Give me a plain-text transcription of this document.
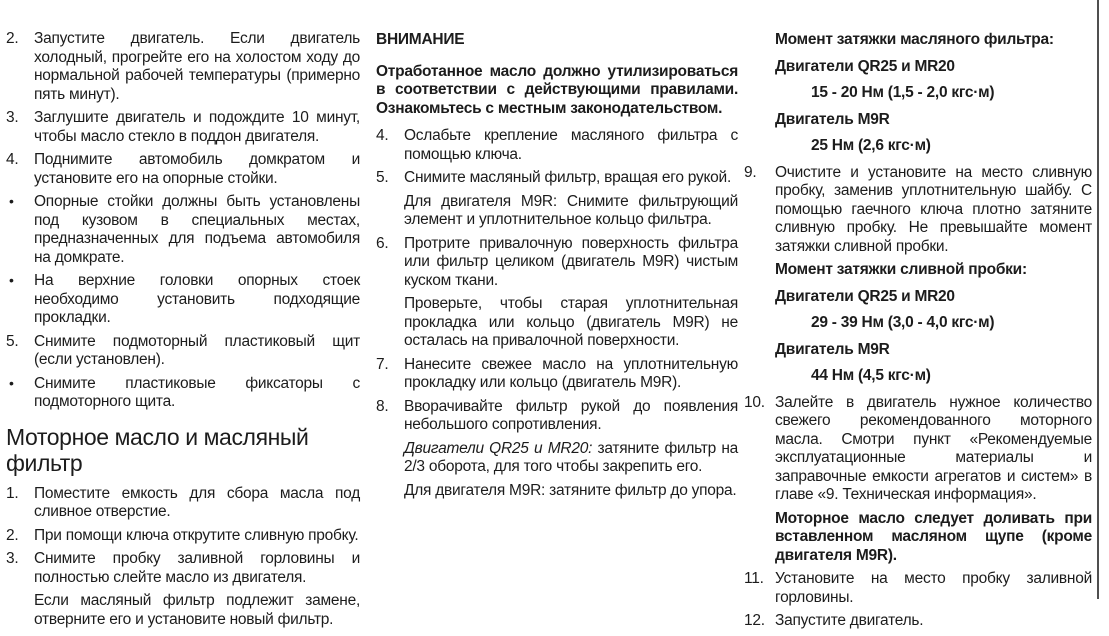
2. Запустите двигатель. Если двигатель холодный, прогрейте его на холостом ходу до нормальной рабочей температуры (примерно пять минут).
3. Заглушите двигатель и подождите 10 минут, чтобы масло стекло в поддон двигателя.
4. Поднимите автомобиль домкратом и установите его на опорные стойки.
• Опорные стойки должны быть установлены под кузовом в специальных местах, предназначенных для подъема автомобиля на домкрате.
• На верхние головки опорных стоек необходимо установить подходящие прокладки.
5. Снимите подмоторный пластиковый щит (если установлен).
• Снимите пластиковые фиксаторы с подмоторного щита.
Моторное масло и масляный фильтр
1. Поместите емкость для сбора масла под сливное отверстие.
2. При помощи ключа открутите сливную пробку.
3. Снимите пробку заливной горловины и полностью слейте масло из двигателя.
Если масляный фильтр подлежит замене, отверните его и установите новый фильтр.
ВНИМАНИЕ
Отработанное масло должно утилизироваться в соответствии с действующими правилами. Ознакомьтесь с местным законодательством.
4. Ослабьте крепление масляного фильтра с помощью ключа.
5. Снимите масляный фильтр, вращая его рукой.
Для двигателя M9R: Снимите фильтрующий элемент и уплотнительное кольцо фильтра.
6. Протрите привалочную поверхность фильтра или фильтр целиком (двигатель M9R) чистым куском ткани.
Проверьте, чтобы старая уплотнительная прокладка или кольцо (двигатель M9R) не осталась на привалочной поверхности.
7. Нанесите свежее масло на уплотнительную прокладку или кольцо (двигатель M9R).
8. Вворачивайте фильтр рукой до появления небольшого сопротивления.
Двигатели QR25 и MR20: затяните фильтр на 2/3 оборота, для того чтобы закрепить его.
Для двигателя M9R: затяните фильтр до упора.
Момент затяжки масляного фильтра:
Двигатели QR25 и MR20
15 - 20 Нм (1,5 - 2,0 кгс·м)
Двигатель M9R
25 Нм (2,6 кгс·м)
9. Очистите и установите на место сливную пробку, заменив уплотнительную шайбу. С помощью гаечного ключа плотно затяните сливную пробку. Не превышайте момент затяжки сливной пробки.
Момент затяжки сливной пробки:
Двигатели QR25 и MR20
29 - 39 Нм (3,0 - 4,0 кгс·м)
Двигатель M9R
44 Нм (4,5 кгс·м)
10. Залейте в двигатель нужное количество свежего рекомендованного моторного масла. Смотри пункт «Рекомендуемые эксплуатационные материалы и заправочные емкости агрегатов и систем» в главе «9. Техническая информация».
Моторное масло следует доливать при вставленном масляном щупе (кроме двигателя M9R).
11. Установите на место пробку заливной горловины.
12. Запустите двигатель.
